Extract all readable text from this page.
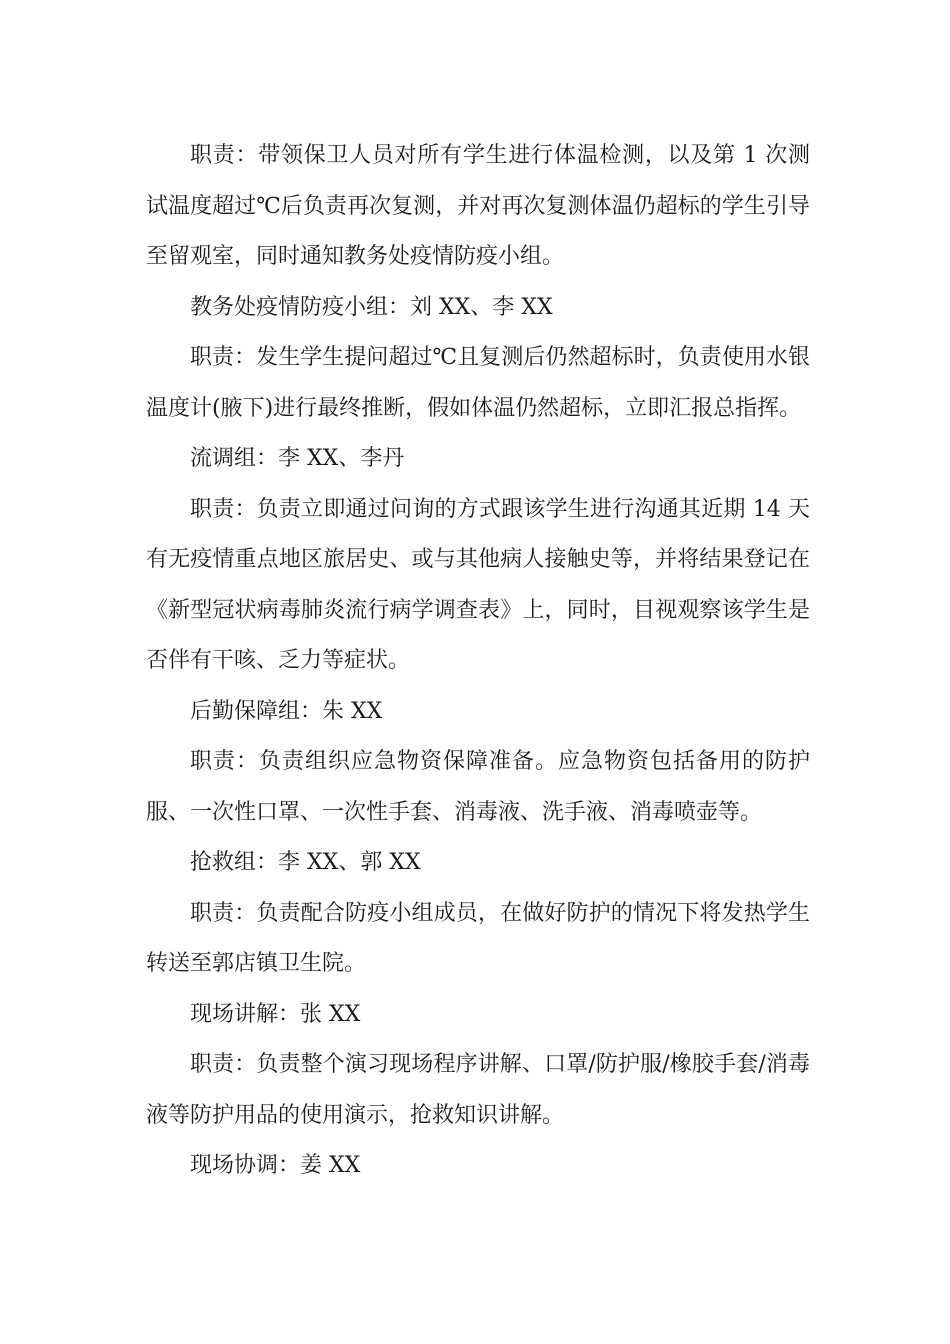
职责：带领保卫人员对所有学生进行体温检测，以及第 1 次测试温度超过℃后负责再次复测，并对再次复测体温仍超标的学生引导至留观室，同时通知教务处疫情防疫小组。

教务处疫情防疫小组：刘 XX、李 XX

职责：发生学生提问超过℃且复测后仍然超标时，负责使用水银温度计(腋下)进行最终推断，假如体温仍然超标，立即汇报总指挥。

流调组：李 XX、李丹

职责：负责立即通过问询的方式跟该学生进行沟通其近期 14 天有无疫情重点地区旅居史、或与其他病人接触史等，并将结果登记在《新型冠状病毒肺炎流行病学调查表》上，同时，目视观察该学生是否伴有干咳、乏力等症状。

后勤保障组：朱 XX

职责：负责组织应急物资保障准备。应急物资包括备用的防护服、一次性口罩、一次性手套、消毒液、洗手液、消毒喷壶等。

抢救组：李 XX、郭 XX

职责：负责配合防疫小组成员，在做好防护的情况下将发热学生转送至郭店镇卫生院。

现场讲解：张 XX

职责：负责整个演习现场程序讲解、口罩/防护服/橡胶手套/消毒液等防护用品的使用演示，抢救知识讲解。

现场协调：姜 XX
